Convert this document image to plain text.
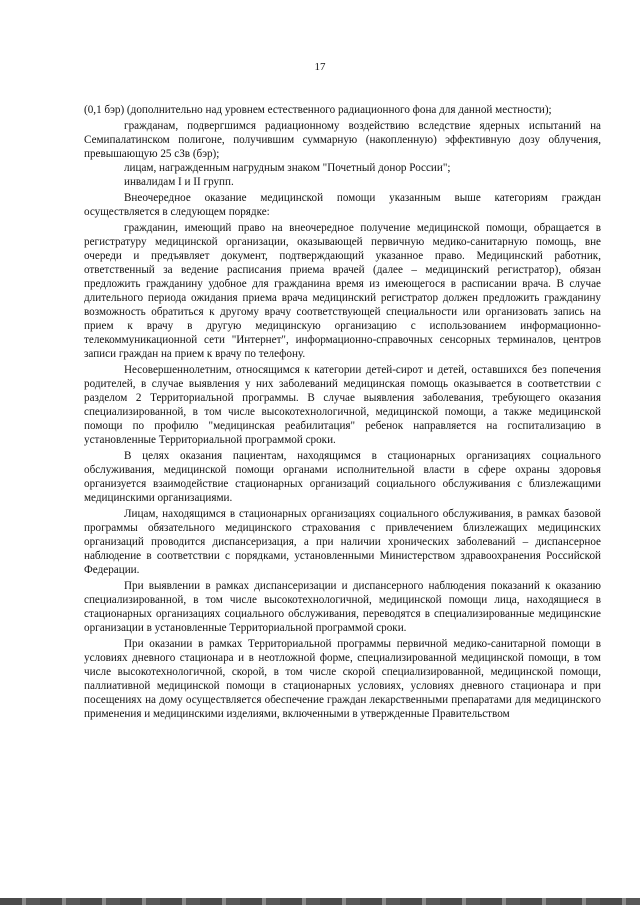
17

(0,1 бэр) (дополнительно над уровнем естественного радиационного фона для данной местности);

гражданам, подвергшимся радиационному воздействию вследствие ядерных испытаний на Семипалатинском полигоне, получившим суммарную (накопленную) эффективную дозу облучения, превышающую 25 сЗв (бэр);

лицам, награжденным нагрудным знаком "Почетный донор России";

инвалидам I и II групп.

Внеочередное оказание медицинской помощи указанным выше категориям граждан осуществляется в следующем порядке:

гражданин, имеющий право на внеочередное получение медицинской помощи, обращается в регистратуру медицинской организации, оказывающей первичную медико-санитарную помощь, вне очереди и предъявляет документ, подтверждающий указанное право. Медицинский работник, ответственный за ведение расписания приема врачей (далее – медицинский регистратор), обязан предложить гражданину удобное для гражданина время из имеющегося в расписании врача. В случае длительного периода ожидания приема врача медицинский регистратор должен предложить гражданину возможность обратиться к другому врачу соответствующей специальности или организовать запись на прием к врачу в другую медицинскую организацию с использованием информационно-телекоммуникационной сети "Интернет", информационно-справочных сенсорных терминалов, центров записи граждан на прием к врачу по телефону.

Несовершеннолетним, относящимся к категории детей-сирот и детей, оставшихся без попечения родителей, в случае выявления у них заболеваний медицинская помощь оказывается в соответствии с разделом 2 Территориальной программы. В случае выявления заболевания, требующего оказания специализированной, в том числе высокотехнологичной, медицинской помощи, а также медицинской помощи по профилю "медицинская реабилитация" ребенок направляется на госпитализацию в установленные Территориальной программой сроки.

В целях оказания пациентам, находящимся в стационарных организациях социального обслуживания, медицинской помощи органами исполнительной власти в сфере охраны здоровья организуется взаимодействие стационарных организаций социального обслуживания с близлежащими медицинскими организациями.

Лицам, находящимся в стационарных организациях социального обслуживания, в рамках базовой программы обязательного медицинского страхования с привлечением близлежащих медицинских организаций проводится диспансеризация, а при наличии хронических заболеваний – диспансерное наблюдение в соответствии с порядками, установленными Министерством здравоохранения Российской Федерации.

При выявлении в рамках диспансеризации и диспансерного наблюдения показаний к оказанию специализированной, в том числе высокотехнологичной, медицинской помощи лица, находящиеся в стационарных организациях социального обслуживания, переводятся в специализированные медицинские организации в установленные Территориальной программой сроки.

При оказании в рамках Территориальной программы первичной медико-санитарной помощи в условиях дневного стационара и в неотложной форме, специализированной медицинской помощи, в том числе высокотехнологичной, скорой, в том числе скорой специализированной, медицинской помощи, паллиативной медицинской помощи в стационарных условиях, условиях дневного стационара и при посещениях на дому осуществляется обеспечение граждан лекарственными препаратами для медицинского применения и медицинскими изделиями, включенными в утвержденные Правительством
